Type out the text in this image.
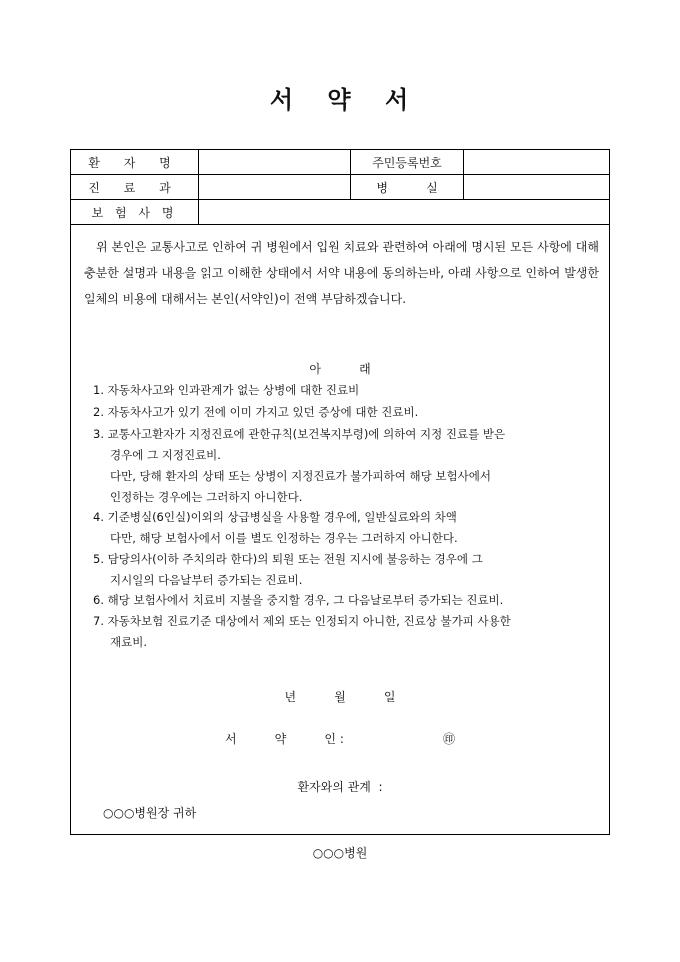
서 약 서
환 자 명		주민등록번호	
진 료 과		병          실	
보 험 사 명			
위 본인은 교통사고로 인하여 귀 병원에서 입원 치료와 관련하여 아래에 명시된 모든 사항에 대해 충분한 설명과 내용을 읽고 이해한 상태에서 서약 내용에 동의하는바, 아래 사항으로 인하여 발생한 일체의 비용에 대해서는 본인(서약인)이 전액 부담하겠습니다.
아          래
1. 자동차사고와 인과관계가 없는 상병에 대한 진료비
2. 자동차사고가 있기 전에 이미 가지고 있던 증상에 대한 진료비.
3. 교통사고환자가 지정진료에 관한규칙(보건복지부령)에 의하여 지정 진료를 받은
경우에 그 지정진료비.
다만, 당해 환자의 상태 또는 상병이 지정진료가 불가피하여 해당 보험사에서
인정하는 경우에는 그러하지 아니한다.
4. 기준병실(6인실)이외의 상급병실을 사용할 경우에, 일반실료와의 차액
다만, 해당 보험사에서 이를 별도 인정하는 경우는 그러하지 아니한다.
5. 담당의사(이하 주치의라 한다)의 퇴원 또는 전원 지시에 불응하는 경우에 그
지시일의 다음날부터 증가되는 진료비.
6. 해당 보험사에서 치료비 지불을 중지할 경우, 그 다음날로부터 증가되는 진료비.
7. 자동차보험 진료기준 대상에서 제외 또는 인정되지 아니한, 진료상 불가피 사용한
재료비.
년          월          일
서          약          인 :                          ㊞
환자와의 관계  :
○○○병원장 귀하
○○○병원
